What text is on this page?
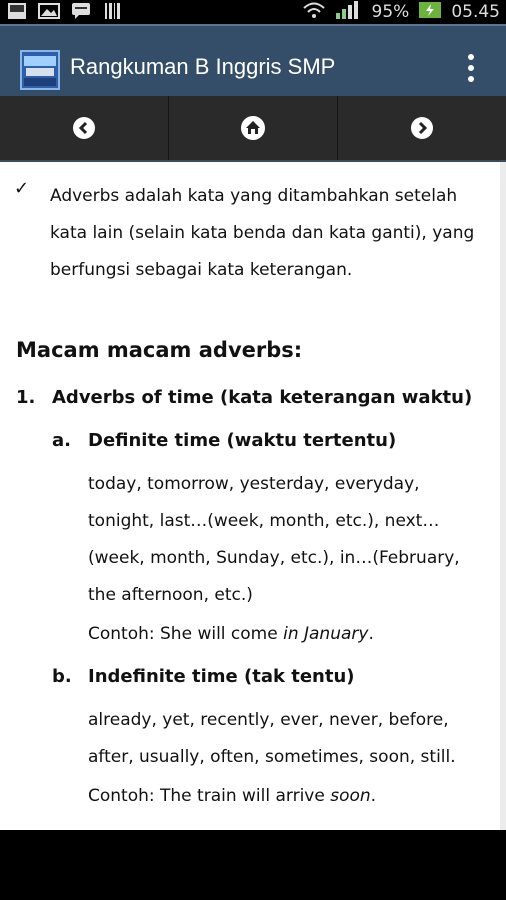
95% 05.45
Rangkuman B Inggris SMP
✓	Adverbs adalah kata yang ditambahkan setelah kata lain (selain kata benda dan kata ganti), yang berfungsi sebagai kata keterangan.
Macam macam adverbs:
1. Adverbs of time (kata keterangan waktu)
a. Definite time (waktu tertentu)
today, tomorrow, yesterday, everyday, tonight, last…(week, month, etc.), next…(week, month, Sunday, etc.), in…(February, the afternoon, etc.)
Contoh: She will come in January.
b. Indefinite time (tak tentu)
already, yet, recently, ever, never, before, after, usually, often, sometimes, soon, still.
Contoh: The train will arrive soon.
